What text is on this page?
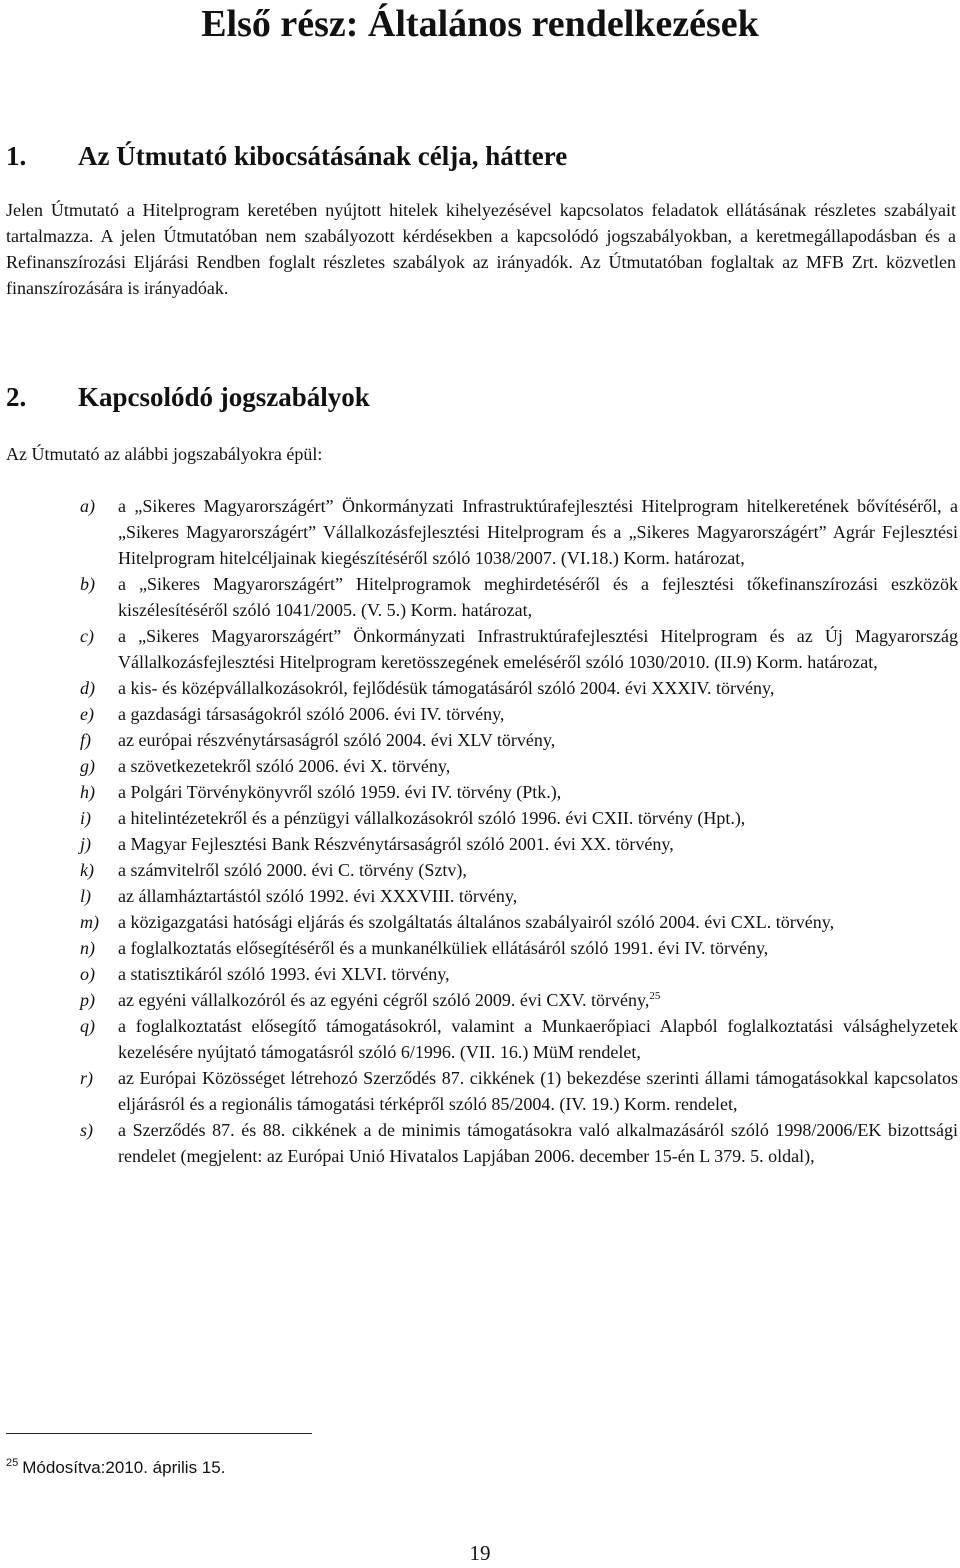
Első rész: Általános rendelkezések
1. Az Útmutató kibocsátásának célja, háttere

Jelen Útmutató a Hitelprogram keretében nyújtott hitelek kihelyezésével kapcsolatos feladatok ellátásának részletes szabályait tartalmazza. A jelen Útmutatóban nem szabályozott kérdésekben a kapcsolódó jogszabályokban, a keretmegállapodásban és a Refinanszírozási Eljárási Rendben foglalt részletes szabályok az irányadók. Az Útmutatóban foglaltak az MFB Zrt. közvetlen finanszírozására is irányadóak.

2. Kapcsolódó jogszabályok

Az Útmutató az alábbi jogszabályokra épül:

a) a „Sikeres Magyarországért” Önkormányzati Infrastruktúrafejlesztési Hitelprogram hitelkeretének bővítéséről, a „Sikeres Magyarországért” Vállalkozásfejlesztési Hitelprogram és a „Sikeres Magyarországért” Agrár Fejlesztési Hitelprogram hitelcéljainak kiegészítéséről szóló 1038/2007. (VI.18.) Korm. határozat,
b) a „Sikeres Magyarországért” Hitelprogramok meghirdetéséről és a fejlesztési tőkefinanszírozási eszközök kiszélesítéséről szóló 1041/2005. (V. 5.) Korm. határozat,
c) a „Sikeres Magyarországért” Önkormányzati Infrastruktúrafejlesztési Hitelprogram és az Új Magyarország Vállalkozásfejlesztési Hitelprogram keretösszegének emeléséről szóló 1030/2010. (II.9) Korm. határozat,
d) a kis- és középvállalkozásokról, fejlődésük támogatásáról szóló 2004. évi XXXIV. törvény,
e) a gazdasági társaságokról szóló 2006. évi IV. törvény,
f) az európai részvénytársaságról szóló 2004. évi XLV törvény,
g) a szövetkezetekről szóló 2006. évi X. törvény,
h) a Polgári Törvénykönyvről szóló 1959. évi IV. törvény (Ptk.),
i) a hitelintézetekről és a pénzügyi vállalkozásokról szóló 1996. évi CXII. törvény (Hpt.),
j) a Magyar Fejlesztési Bank Részvénytársaságról szóló 2001. évi XX. törvény,
k) a számvitelről szóló 2000. évi C. törvény (Sztv),
l) az államháztartástól szóló 1992. évi XXXVIII. törvény,
m) a közigazgatási hatósági eljárás és szolgáltatás általános szabályairól szóló 2004. évi CXL. törvény,
n) a foglalkoztatás elősegítéséről és a munkanélküliek ellátásáról szóló 1991. évi IV. törvény,
o) a statisztikáról szóló 1993. évi XLVI. törvény,
p) az egyéni vállalkozóról és az egyéni cégről szóló 2009. évi CXV. törvény,$^{25}$
q) a foglalkoztatást elősegítő támogatásokról, valamint a Munkaerőpiaci Alapból foglalkoztatási válsághelyzetek kezelésére nyújtató támogatásról szóló 6/1996. (VII. 16.) MüM rendelet,
r) az Európai Közösséget létrehozó Szerződés 87. cikkének (1) bekezdése szerinti állami támogatásokkal kapcsolatos eljárásról és a regionális támogatási térképről szóló 85/2004. (IV. 19.) Korm. rendelet,
s) a Szerződés 87. és 88. cikkének a de minimis támogatásokra való alkalmazásáról szóló 1998/2006/EK bizottsági rendelet (megjelent: az Európai Unió Hivatalos Lapjában 2006. december 15-én L 379. 5. oldal),
$^{25}$ Módosítva:2010. április 15.
19
